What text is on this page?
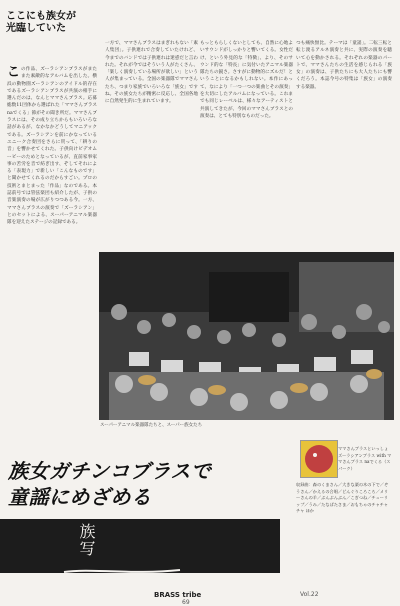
ここにも族女が
光臨していた

この作品、ズーラシアンブラスがまたまた素敵的なアルバムを出した。横浜の動物園ズーラシアンのアイドル的存在であるズーラシアンブラスが共演の相手に選んだのは、なんとママさんブラス。応募総数11団体から選ばれた「ママさんブラスnaでくる」節がその聞き所だ。ママさんブラスには、その成り立ちからもいろいろな話があるが、なかなかどうしてマニアックである。ズーラシアンを前にかなっているユニーク合奏団をさらに買って、「耕りの音」を響かせてくれた。子供向けビデオムービーのためとなっているが、直前家事家事の苦労を音で紡ぎ出す、ぞしてそれによる「表現力」で新しい「こんなものです」と聞かせてくれるのだからすごい。プロの技術とまとまった「作品」なのである。本誌前号では管弦楽団も紹介したが、子供の音楽演奏の場が広がりつつある今。一方、ママさんブラスの演奏で「ズーラシアン」とのセットによる、スーパーアニマル楽器隊を迎えたステージの記録である。

一方で、ママさんブラスはまぎれもない「素人集団」。子供連れで合奏していたけれど、今までのバンドでは子供連れは迷惑だと言われた。それが今ではそういう人がたくさん、「楽しく演奏している場所が欲しい」という人が集まっている。全国の楽器隊でママさんたち、つまり家族でいろいろな「族女」ですね。その族女たちが精密に反応し、全国各地に自然発生的に生まれています。

もっともらしくないとしても、自然に心地よいサウンドがしっかりと響いてくる。女性だけ、という外見的な「特徴」、より、そのサウンド的な「特長」に気付いたアニマル楽器隊たちの鋭さ。さすがに動物的にズルだ！ということになるかもしれない。本作にあって、なにより「一つ一つの楽曲とその演奏」を大切にしたアルバムになっている。これまでも同じレーベルは、様々なアーティストと共演してきたが、今回のママさんブラスとの演奏は、とても特別なものだった。

つも痛快無比。テーマは「童謡」。二転三転と転じ渡るアルネ演奏と共に、実際の演奏を聴いて心を動かされる。それぞれの楽器のパートで、ママさんたちの生活を感じられる「族女」の演奏は、子供たちにも大人たちにも響くだろう。本誌今号の特集は「族女」の演奏する楽器。

スーパーアニマル楽器隊たちと、スーパー族女たち
族女ガチンコブラスで
童謡にめざめる
族写
ママさんブラスといっしょ ズーラシアンブラス with ママさんブラス naでくる（スパーク）
収録曲：森のくまさん／大きな栗の木の下で／ぞうさん／かえるの合唱／どんぐりころころ／メリーさんの羊／ぶんぶんぶん／こぎつね／チューリップ／うみ／たなばたさま／おもちゃのチャチャチャ ほか
BRASS tribe
69
Vol.22
